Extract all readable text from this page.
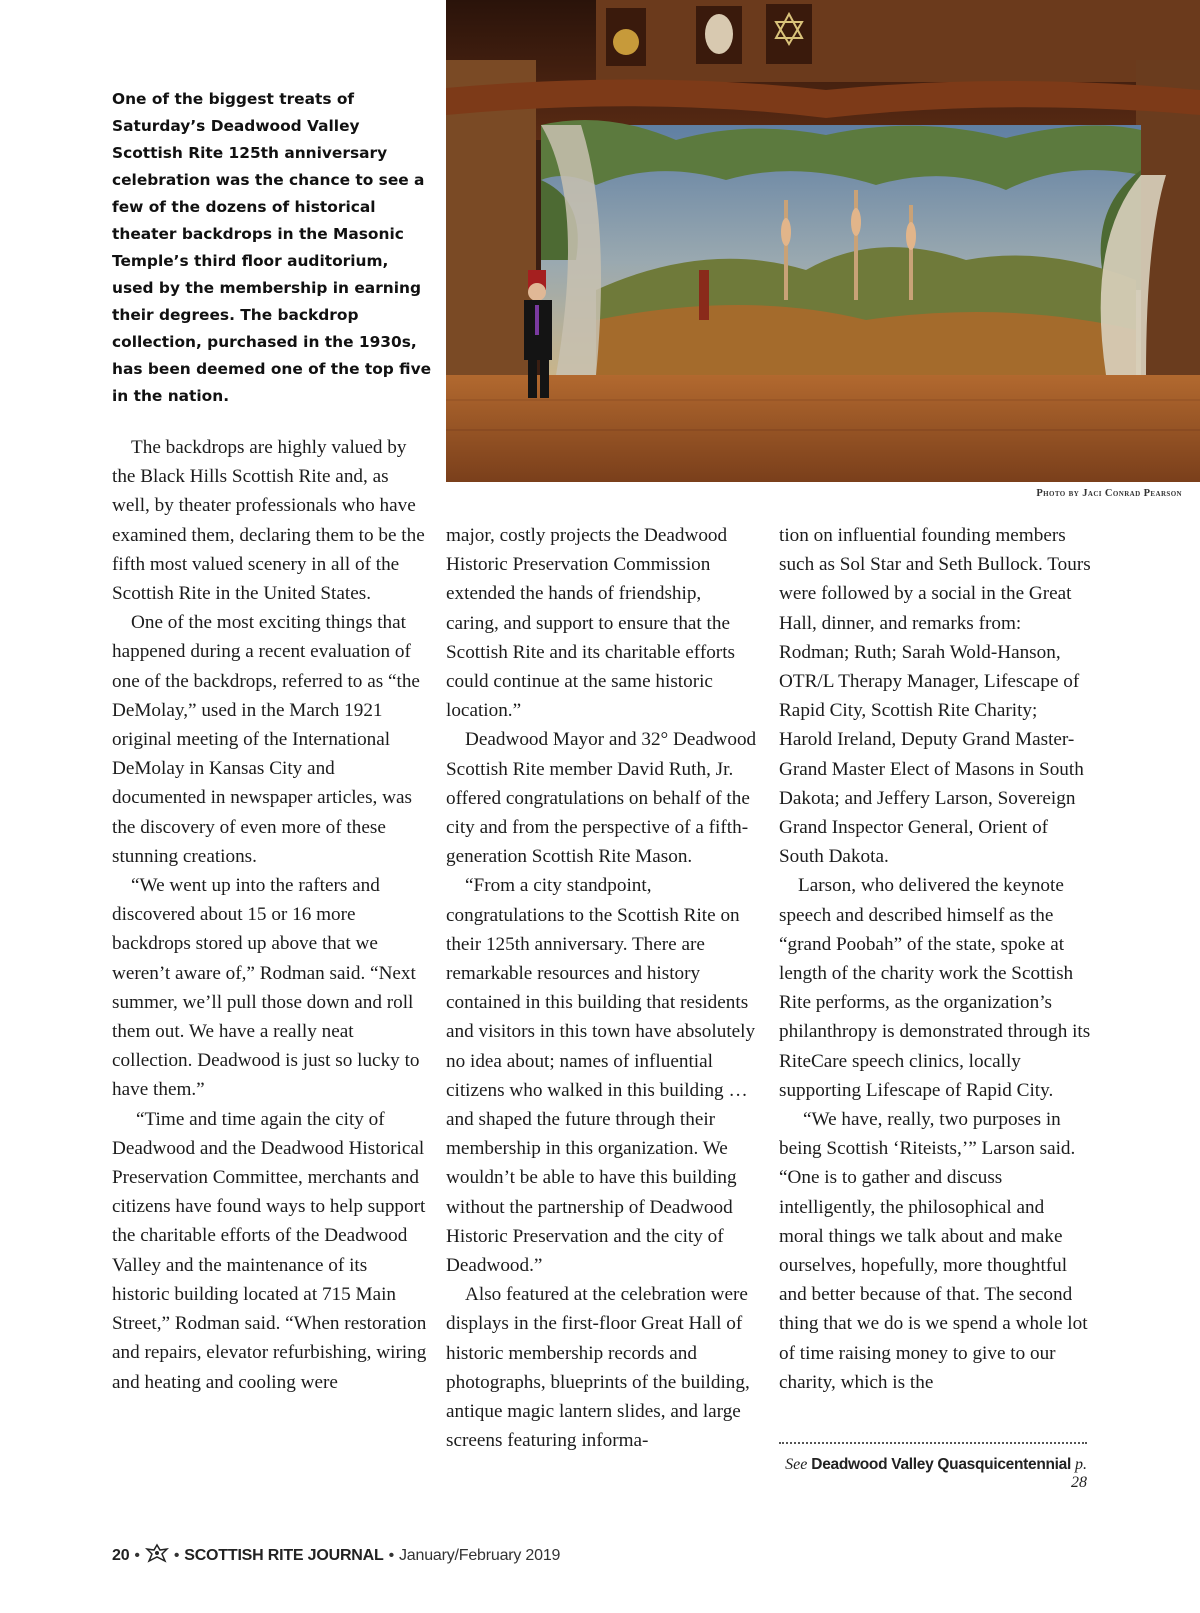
One of the biggest treats of Saturday’s Deadwood Valley Scottish Rite 125th anniversary celebration was the chance to see a few of the dozens of historical theater backdrops in the Masonic Temple’s third floor auditorium, used by the membership in earning their degrees. The backdrop collection, purchased in the 1930s, has been deemed one of the top five in the nation.

Photo by Jaci Conrad Pearson

The backdrops are highly valued by the Black Hills Scottish Rite and, as well, by theater professionals who have examined them, declaring them to be the fifth most valued scenery in all of the Scottish Rite in the United States.

One of the most exciting things that happened during a recent evaluation of one of the backdrops, referred to as “the DeMolay,” used in the March 1921 original meeting of the International DeMolay in Kansas City and documented in newspaper articles, was the discovery of even more of these stunning creations.

“We went up into the rafters and discovered about 15 or 16 more backdrops stored up above that we weren’t aware of,” Rodman said. “Next summer, we’ll pull those down and roll them out. We have a really neat collection. Deadwood is just so lucky to have them.”

“Time and time again the city of Deadwood and the Deadwood Historical Preservation Committee, merchants and citizens have found ways to help support the charitable efforts of the Deadwood Valley and the maintenance of its historic building located at 715 Main Street,” Rodman said. “When restoration and repairs, elevator refurbishing, wiring and heating and cooling were

major, costly projects the Deadwood Historic Preservation Commission extended the hands of friendship, caring, and support to ensure that the Scottish Rite and its charitable efforts could continue at the same historic location.”

Deadwood Mayor and 32° Deadwood Scottish Rite member David Ruth, Jr. offered congratulations on behalf of the city and from the perspective of a fifth-generation Scottish Rite Mason.

“From a city standpoint, congratulations to the Scottish Rite on their 125th anniversary. There are remarkable resources and history contained in this building that residents and visitors in this town have absolutely no idea about; names of influential citizens who walked in this building … and shaped the future through their membership in this organization. We wouldn’t be able to have this building without the partnership of Deadwood Historic Preservation and the city of Deadwood.”

Also featured at the celebration were displays in the first-floor Great Hall of historic membership records and photographs, blueprints of the building, antique magic lantern slides, and large screens featuring informa-

tion on influential founding members such as Sol Star and Seth Bullock. Tours were followed by a social in the Great Hall, dinner, and remarks from: Rodman; Ruth; Sarah Wold-Hanson, OTR/L Therapy Manager, Lifescape of Rapid City, Scottish Rite Charity; Harold Ireland, Deputy Grand Master-Grand Master Elect of Masons in South Dakota; and Jeffery Larson, Sovereign Grand Inspector General, Orient of South Dakota.

Larson, who delivered the keynote speech and described himself as the “grand Poobah” of the state, spoke at length of the charity work the Scottish Rite performs, as the organization’s philanthropy is demonstrated through its RiteCare speech clinics, locally supporting Lifescape of Rapid City.

“We have, really, two purposes in being Scottish ‘Riteists,’” Larson said. “One is to gather and discuss intelligently, the philosophical and moral things we talk about and make ourselves, hopefully, more thoughtful and better because of that. The second thing that we do is we spend a whole lot of time raising money to give to our charity, which is the

See Deadwood Valley Quasquicentennial p. 28

20 • • SCOTTISH RITE JOURNAL • January/February 2019
